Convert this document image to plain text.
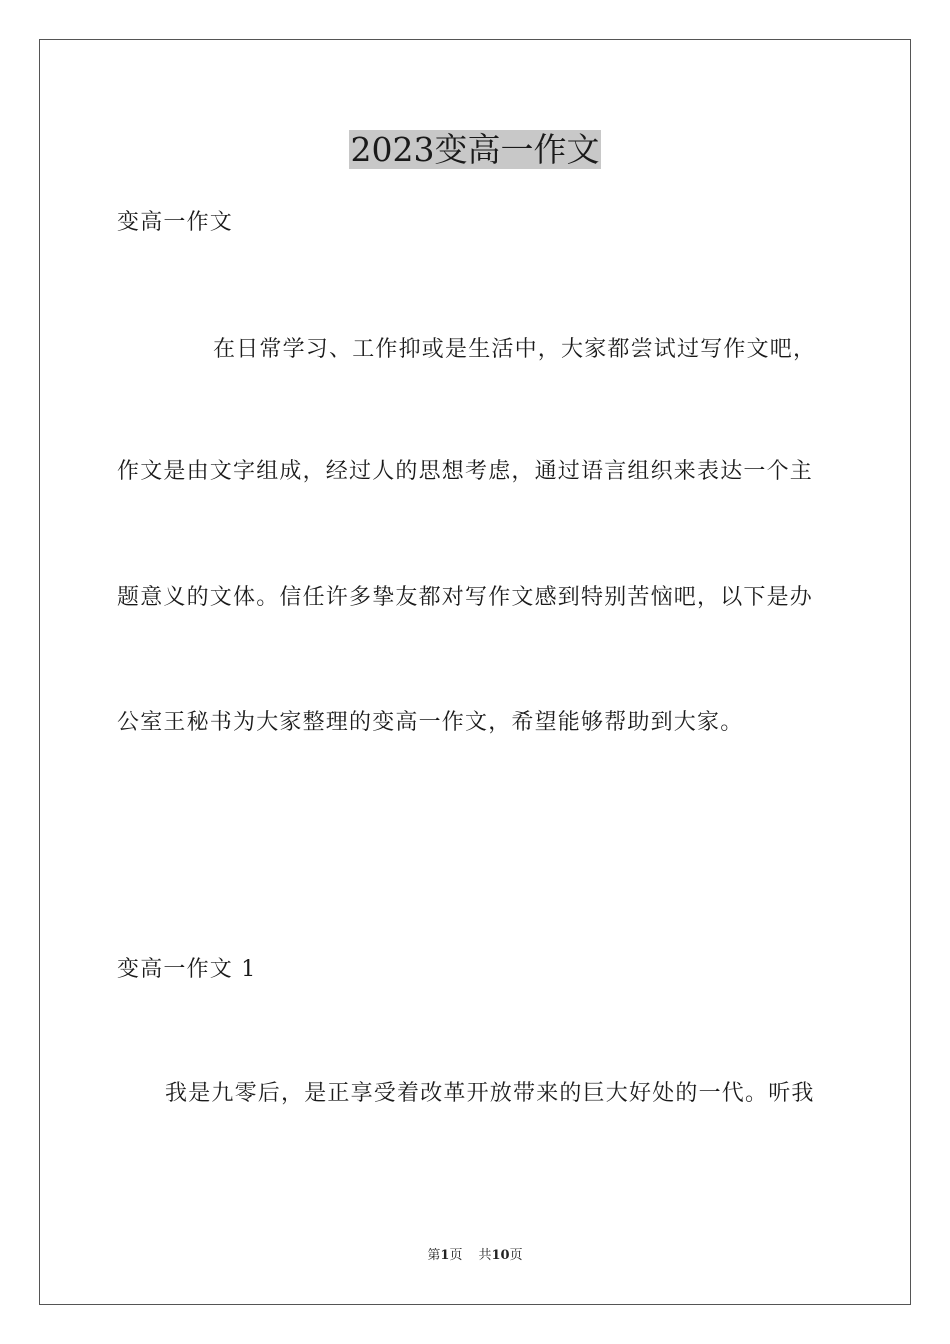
2023变高一作文
变高一作文
在日常学习、工作抑或是生活中，大家都尝试过写作文吧，
作文是由文字组成，经过人的思想考虑，通过语言组织来表达一个主
题意义的文体。信任许多挚友都对写作文感到特别苦恼吧，以下是办
公室王秘书为大家整理的变高一作文，希望能够帮助到大家。
变高一作文 1
我是九零后，是正享受着改革开放带来的巨大好处的一代。听我
第1页 共10页
